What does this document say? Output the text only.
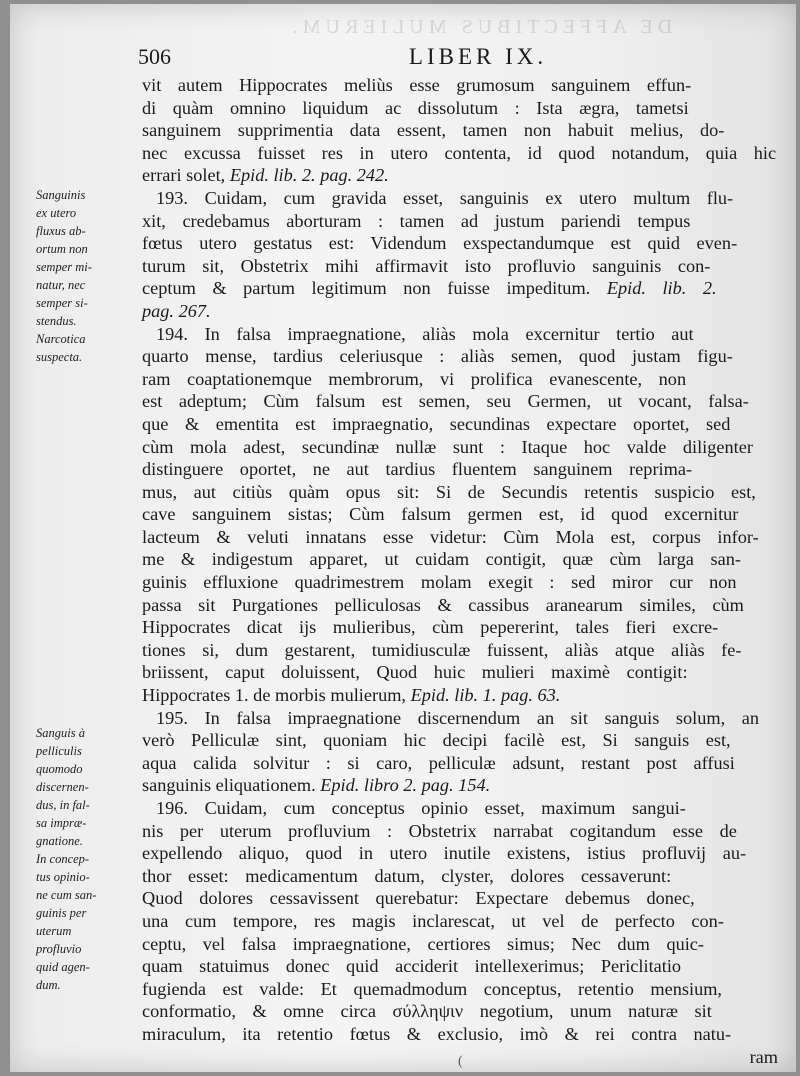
DE AFFECTIBUS MULIERUM.
506	LIBER IX.
vit autem Hippocrates meliùs esse grumosum sanguinem effun-
di quàm omnino liquidum ac dissolutum : Ista ægra, tametsi
sanguinem supprimentia data essent, tamen non habuit melius, do-
nec excussa fuisset res in utero contenta, id quod notandum, quia hic
errari solet, Epid. lib. 2. pag. 242.
193. Cuidam, cum gravida esset, sanguinis ex utero multum flu-
xit, credebamus aborturam : tamen ad justum pariendi tempus
fœtus utero gestatus est: Videndum exspectandumque est quid even-
turum sit, Obstetrix mihi affirmavit isto profluvio sanguinis con-
ceptum & partum legitimum non fuisse impeditum. Epid. lib. 2.
pag. 267.
194. In falsa impraegnatione, aliàs mola excernitur tertio aut
quarto mense, tardius celeriusque : aliàs semen, quod justam figu-
ram coaptationemque membrorum, vi prolifica evanescente, non
est adeptum; Cùm falsum est semen, seu Germen, ut vocant, falsa-
que & ementita est impraegnatio, secundinas expectare oportet, sed
cùm mola adest, secundinæ nullæ sunt : Itaque hoc valde diligenter
distinguere oportet, ne aut tardius fluentem sanguinem reprima-
mus, aut citiùs quàm opus sit: Si de Secundis retentis suspicio est,
cave sanguinem sistas; Cùm falsum germen est, id quod excernitur
lacteum & veluti innatans esse videtur: Cùm Mola est, corpus infor-
me & indigestum apparet, ut cuidam contigit, quæ cùm larga san-
guinis effluxione quadrimestrem molam exegit : sed miror cur non
passa sit Purgationes pelliculosas & cassibus aranearum similes, cùm
Hippocrates dicat ijs mulieribus, cùm pepererint, tales fieri excre-
tiones si, dum gestarent, tumidiusculæ fuissent, aliàs atque aliàs fe-
briissent, caput doluissent, Quod huic mulieri maximè contigit:
Hippocrates 1. de morbis mulierum, Epid. lib. 1. pag. 63.
195. In falsa impraegnatione discernendum an sit sanguis solum, an
verò Pelliculæ sint, quoniam hic decipi facilè est, Si sanguis est,
aqua calida solvitur : si caro, pelliculæ adsunt, restant post affusi
sanguinis eliquationem. Epid. libro 2. pag. 154.
196. Cuidam, cum conceptus opinio esset, maximum sangui-
nis per uterum profluvium : Obstetrix narrabat cogitandum esse de
expellendo aliquo, quod in utero inutile existens, istius profluvij au-
thor esset: medicamentum datum, clyster, dolores cessaverunt:
Quod dolores cessavissent querebatur: Expectare debemus donec,
una cum tempore, res magis inclarescat, ut vel de perfecto con-
ceptu, vel falsa impraegnatione, certiores simus; Nec dum quic-
quam statuimus donec quid acciderit intellexerimus; Periclitatio
fugienda est valde: Et quemadmodum conceptus, retentio mensium,
conformatio, & omne circa σύλληψιν negotium, unum naturæ sit
miraculum, ita retentio fœtus & exclusio, imò & rei contra natu-
ram
Sanguinis
ex utero
fluxus ab-
ortum non
semper mi-
natur, nec
semper si-
stendus.
Narcotica
suspecta.
Sanguis à
pelliculis
quomodo
discernen-
dus, in fal-
sa impræ-
gnatione.
In concep-
tus opinio-
ne cum san-
guinis per
uterum
profluvio
quid agen-
dum.
(
